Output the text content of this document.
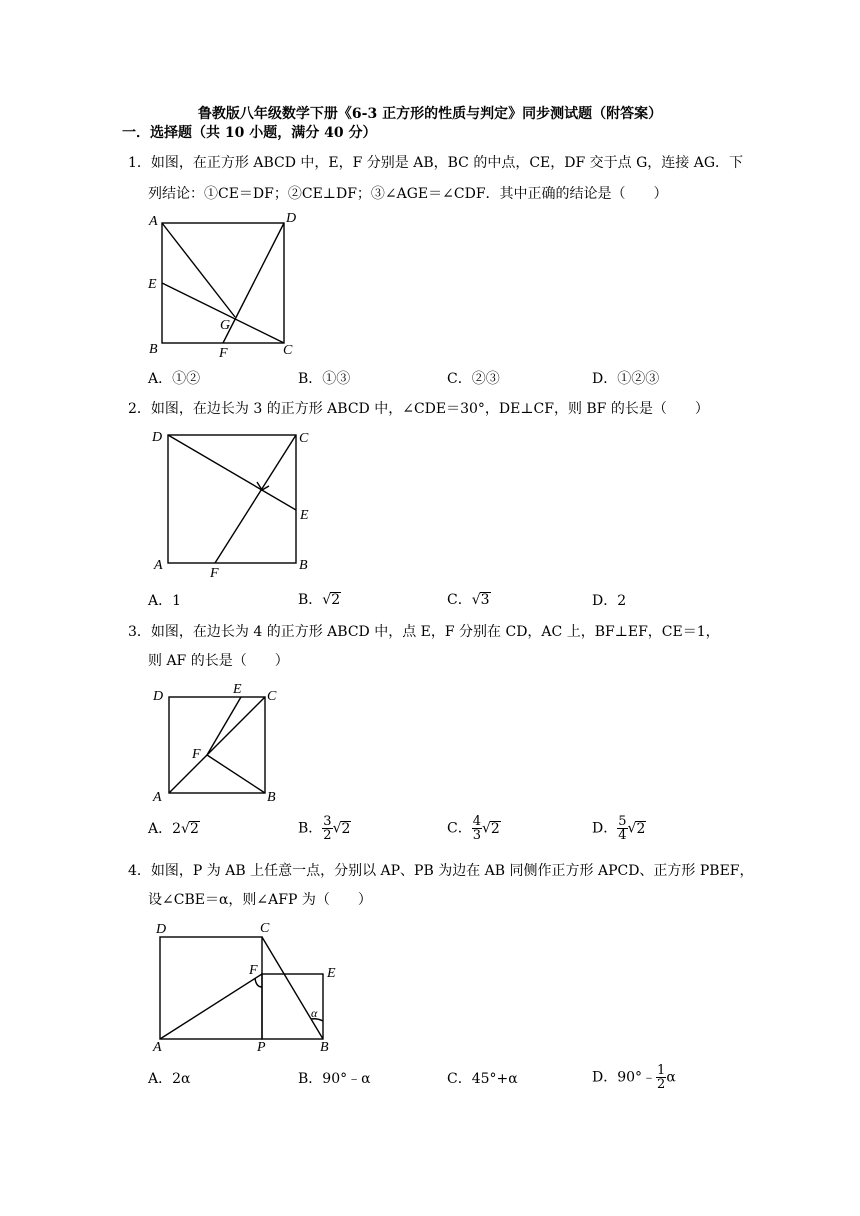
鲁教版八年级数学下册《6-3 正方形的性质与判定》同步测试题（附答案）
一．选择题（共 10 小题，满分 40 分）
1．如图，在正方形 ABCD 中，E，F 分别是 AB，BC 的中点，CE，DF 交于点 G，连接 AG．下
列结论：①CE＝DF；②CE⊥DF；③∠AGE＝∠CDF．其中正确的结论是（　　）
A	D
E
G
B	F	C
A．①②	B．①③	C．②③	D．①②③
2．如图，在边长为 3 的正方形 ABCD 中，∠CDE＝30°，DE⊥CF，则 BF 的长是（　　）
D	C
E
A
F
B
A．1	B．√2	C．√3	D．2
3．如图，在边长为 4 的正方形 ABCD 中，点 E，F 分别在 CD，AC 上，BF⊥EF，CE＝1，
则 AF 的长是（　　）
D	E C
F
A	B
A．2√2	B． $\frac{3}{2} √2$	C． $\frac{4}{3} √2$	D． $\frac{5}{4} √2$
4．如图，P 为 AB 上任意一点，分别以 AP、PB 为边在 AB 同侧作正方形 APCD、正方形 PBEF，
设∠CBE＝α，则∠AFP 为（　　）
D	C
F	E
α
A	P	B
A．2α	B．90°﹣α	C．45°+α	D．90°﹣ $\frac{1}{2}$ α
